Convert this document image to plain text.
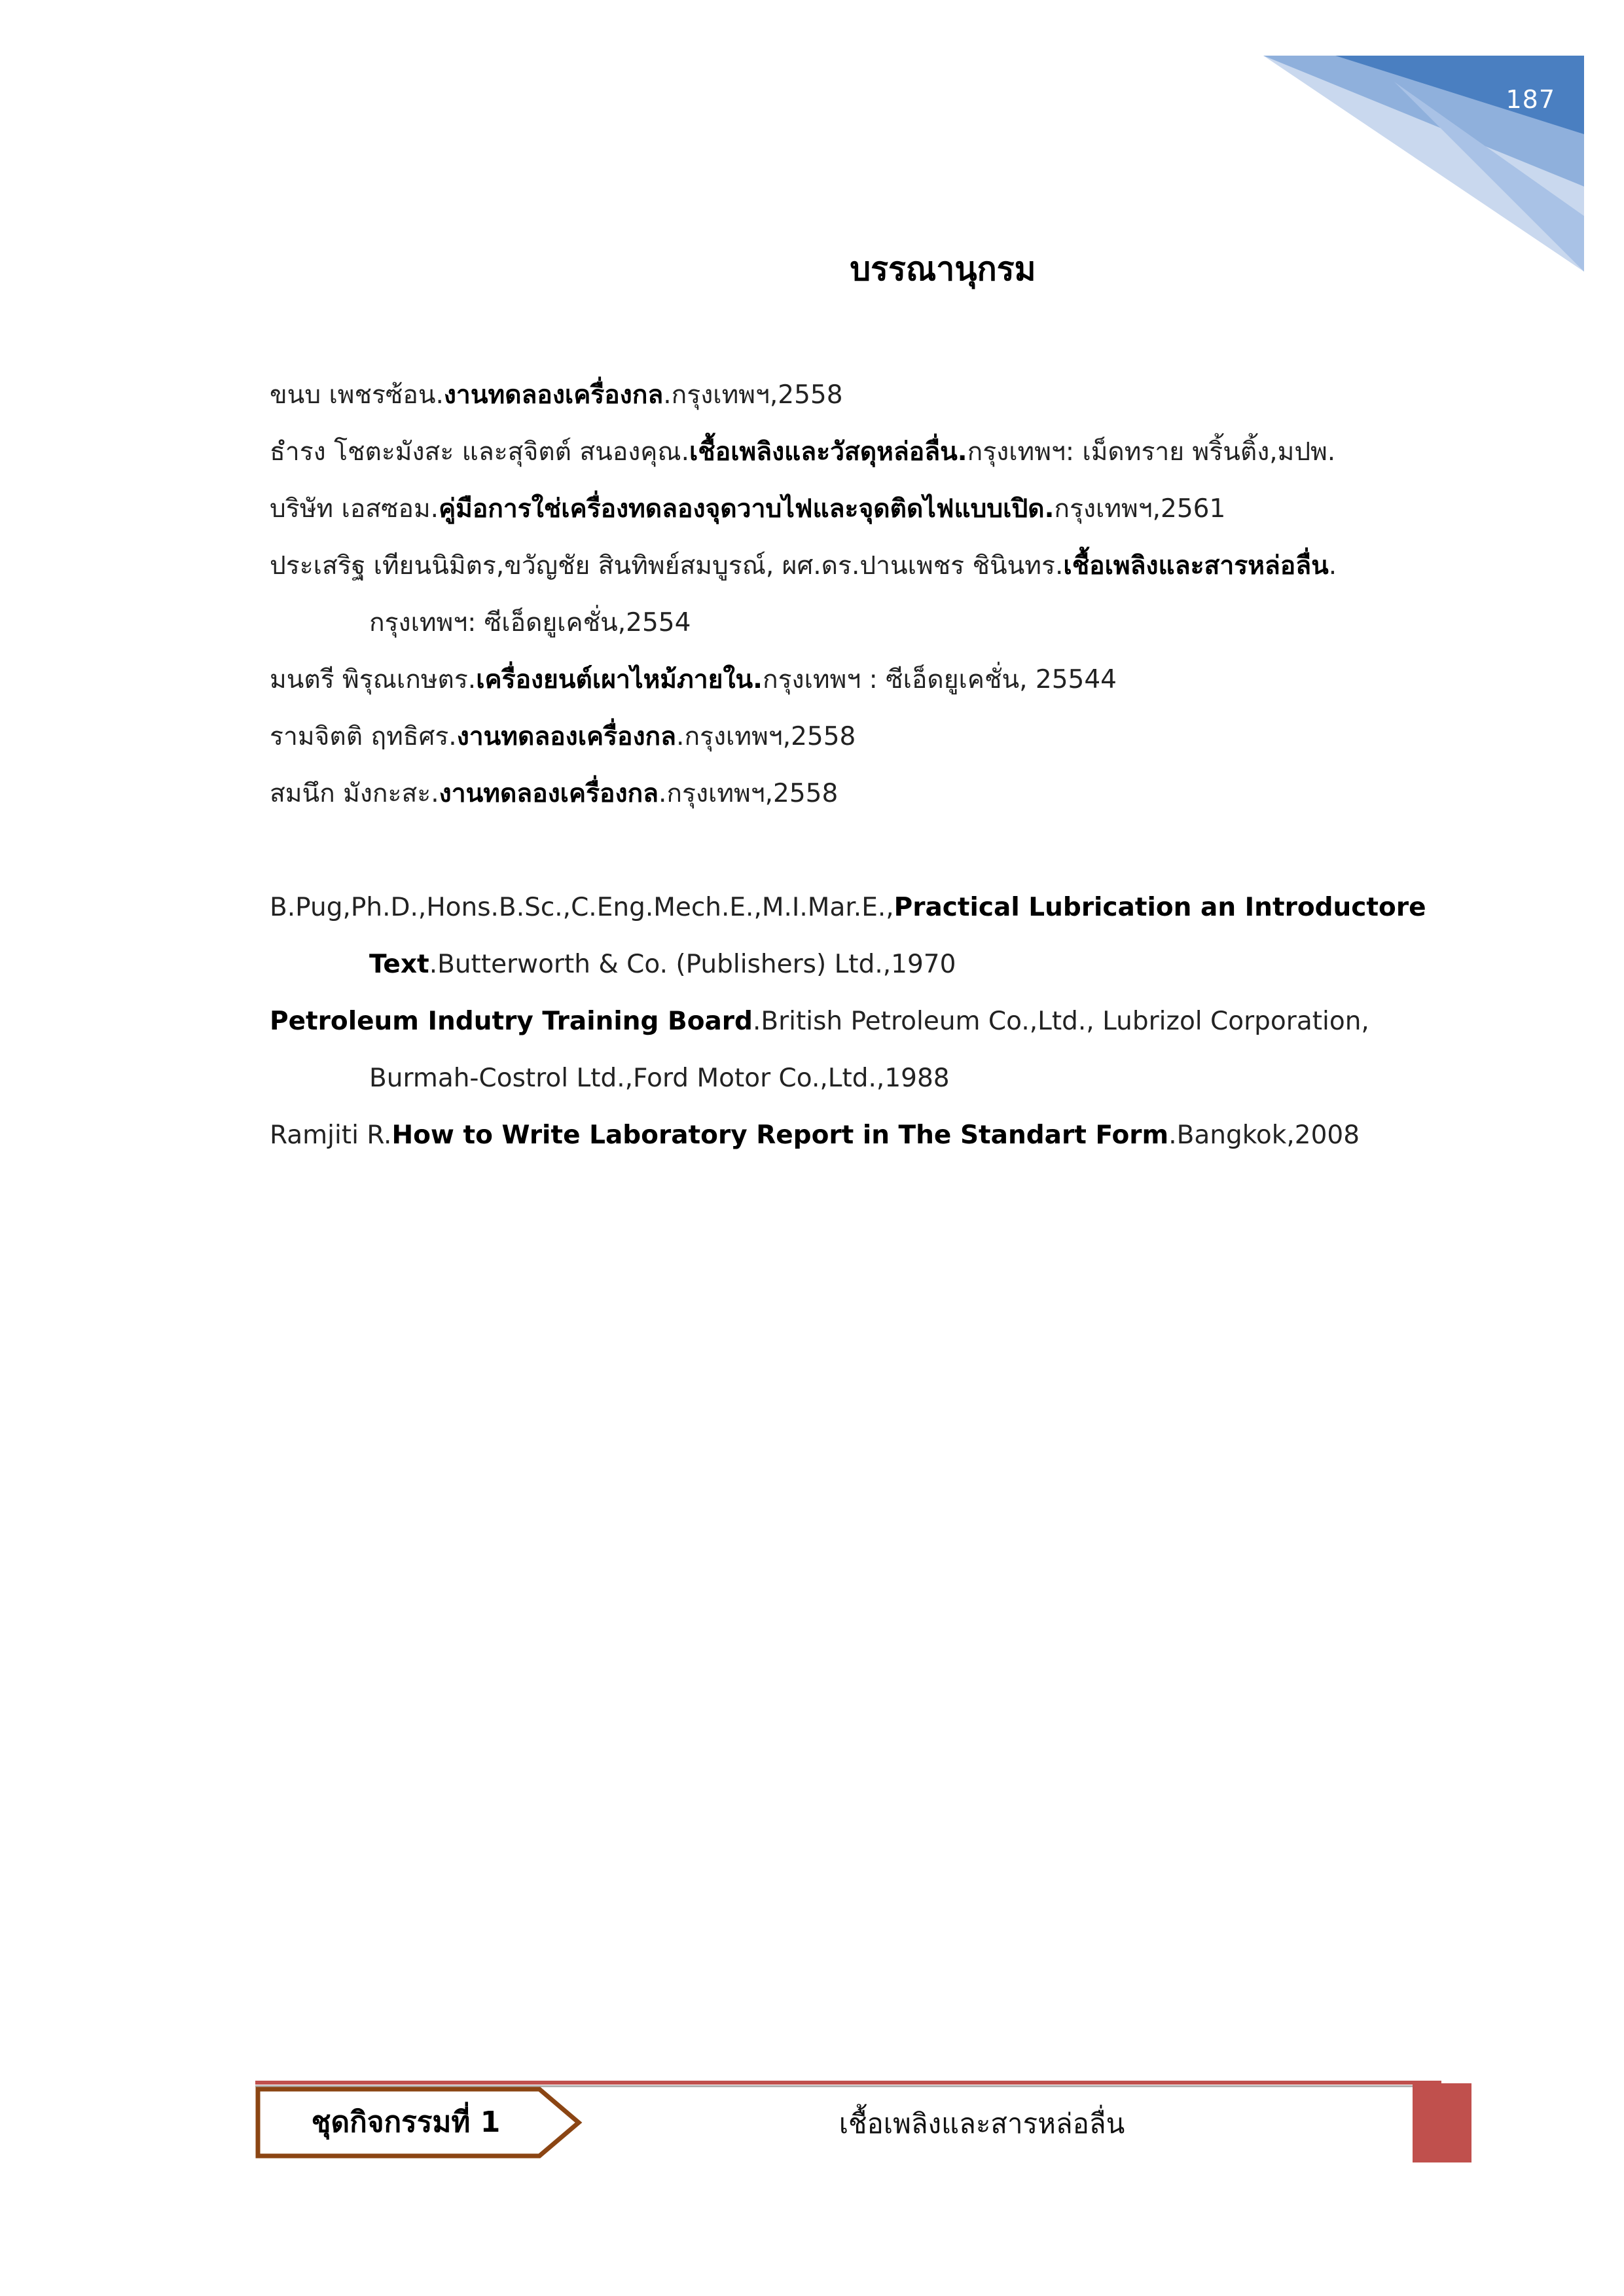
187
บรรณานุกรม
ขนบ เพชรซ้อน.งานทดลองเครื่องกล.กรุงเทพฯ,2558
ธำรง โชตะมังสะ และสุจิตต์ สนองคุณ.เชื้อเพลิงและวัสดุหล่อลื่น.กรุงเทพฯ: เม็ดทราย พริ้นติ้ง,มปพ.
บริษัท เอสซอม.คู่มือการใช่เครื่องทดลองจุดวาบไฟและจุดติดไฟแบบเปิด.กรุงเทพฯ,2561
ประเสริฐ เทียนนิมิตร,ขวัญชัย สินทิพย์สมบูรณ์, ผศ.ดร.ปานเพชร ชินินทร.เชื้อเพลิงและสารหล่อลื่น.
กรุงเทพฯ: ซีเอ็ดยูเคชั่น,2554
มนตรี พิรุณเกษตร.เครื่องยนต์เผาไหม้ภายใน.กรุงเทพฯ : ซีเอ็ดยูเคชั่น, 25544
รามจิตติ ฤทธิศร.งานทดลองเครื่องกล.กรุงเทพฯ,2558
สมนึก มังกะสะ.งานทดลองเครื่องกล.กรุงเทพฯ,2558
B.Pug,Ph.D.,Hons.B.Sc.,C.Eng.Mech.E.,M.I.Mar.E.,Practical Lubrication an Introductore
Text.Butterworth & Co. (Publishers) Ltd.,1970
Petroleum Indutry Training Board.British Petroleum Co.,Ltd., Lubrizol Corporation,
Burmah-Costrol Ltd.,Ford Motor Co.,Ltd.,1988
Ramjiti R.How to Write Laboratory Report in The Standart Form.Bangkok,2008
ชุดกิจกรรมที่ 1	เชื้อเพลิงและสารหล่อลื่น
